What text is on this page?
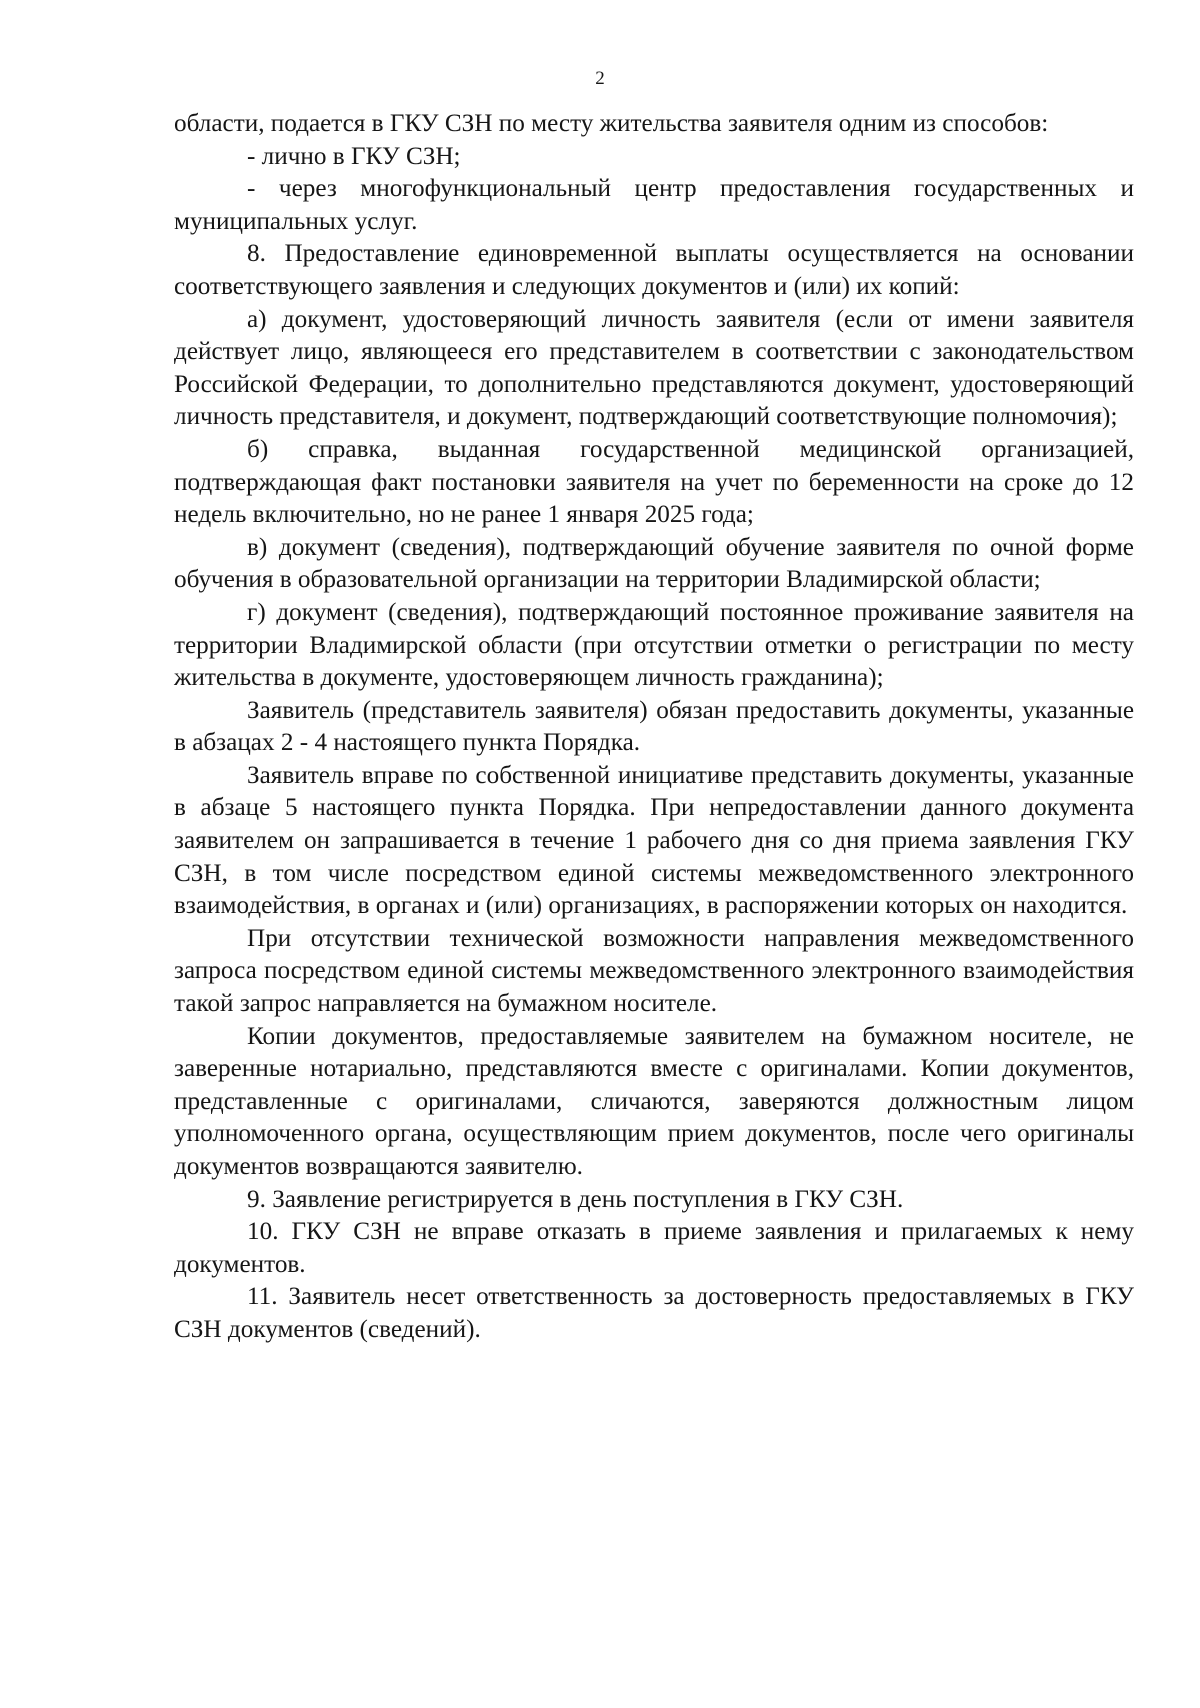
2

области, подается в ГКУ СЗН по месту жительства заявителя одним из способов:

- лично в ГКУ СЗН;

- через многофункциональный центр предоставления государственных и муниципальных услуг.

8. Предоставление единовременной выплаты осуществляется на основании соответствующего заявления и следующих документов и (или) их копий:

а) документ, удостоверяющий личность заявителя (если от имени заявителя действует лицо, являющееся его представителем в соответствии с законодательством Российской Федерации, то дополнительно представляются документ, удостоверяющий личность представителя, и документ, подтверждающий соответствующие полномочия);

б) справка, выданная государственной медицинской организацией, подтверждающая факт постановки заявителя на учет по беременности на сроке до 12 недель включительно, но не ранее 1 января 2025 года;

в) документ (сведения), подтверждающий обучение заявителя по очной форме обучения в образовательной организации на территории Владимирской области;

г) документ (сведения), подтверждающий постоянное проживание заявителя на территории Владимирской области (при отсутствии отметки о регистрации по месту жительства в документе, удостоверяющем личность гражданина);

Заявитель (представитель заявителя) обязан предоставить документы, указанные в абзацах 2 - 4 настоящего пункта Порядка.

Заявитель вправе по собственной инициативе представить документы, указанные в абзаце 5 настоящего пункта Порядка. При непредоставлении данного документа заявителем он запрашивается в течение 1 рабочего дня со дня приема заявления ГКУ СЗН, в том числе посредством единой системы межведомственного электронного взаимодействия, в органах и (или) организациях, в распоряжении которых он находится.

При отсутствии технической возможности направления межведомственного запроса посредством единой системы межведомственного электронного взаимодействия такой запрос направляется на бумажном носителе.

Копии документов, предоставляемые заявителем на бумажном носителе, не заверенные нотариально, представляются вместе с оригиналами. Копии документов, представленные с оригиналами, сличаются, заверяются должностным лицом уполномоченного органа, осуществляющим прием документов, после чего оригиналы документов возвращаются заявителю.

9. Заявление регистрируется в день поступления в ГКУ СЗН.

10. ГКУ СЗН не вправе отказать в приеме заявления и прилагаемых к нему документов.

11. Заявитель несет ответственность за достоверность предоставляемых в ГКУ СЗН документов (сведений).
